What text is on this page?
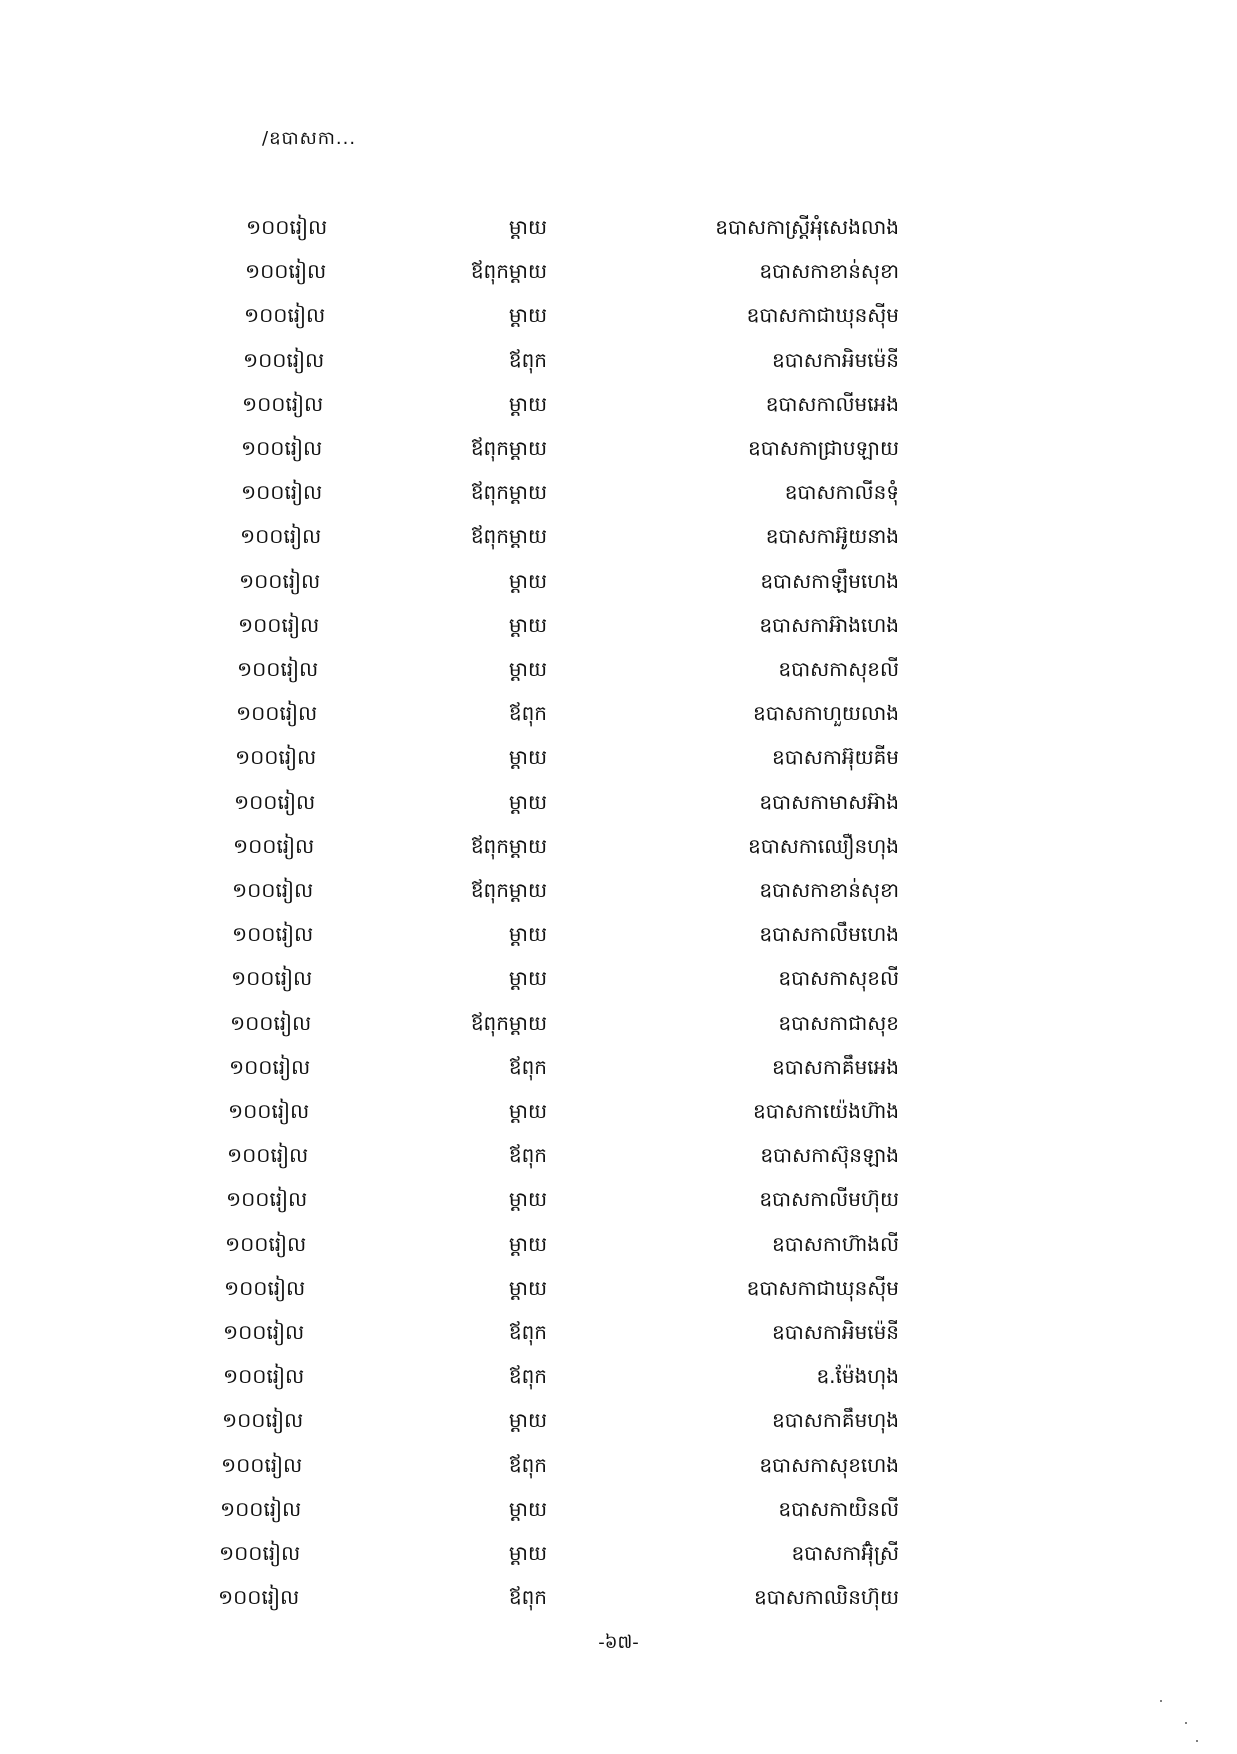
/ឧបាសកា...
ឧបាសកាស្រ្តីអុំសេងលាង
ម្ដាយ
១០០រៀល
ឧបាសកាខាន់សុខា
ឪពុកម្ដាយ
១០០រៀល
ឧបាសកាជាឃុនស៊ីម
ម្ដាយ
១០០រៀល
ឧបាសកាអិមម៉េនី
ឪពុក
១០០រៀល
ឧបាសកាលីមអេង
ម្ដាយ
១០០រៀល
ឧបាសកាជ្រាបឡាយ
ឪពុកម្ដាយ
១០០រៀល
ឧបាសកាលីនទុំ
ឪពុកម្ដាយ
១០០រៀល
ឧបាសកាអ៊ូយនាង
ឪពុកម្ដាយ
១០០រៀល
ឧបាសកាឡឹមហេង
ម្ដាយ
១០០រៀល
ឧបាសកាអ៊ាងហេង
ម្ដាយ
១០០រៀល
ឧបាសកាសុខលី
ម្ដាយ
១០០រៀល
ឧបាសកាហួយលាង
ឪពុក
១០០រៀល
ឧបាសកាអ៊ុយគីម
ម្ដាយ
១០០រៀល
ឧបាសកាមាសអ៊ាង
ម្ដាយ
១០០រៀល
ឧបាសកាឈឿនហុង
ឪពុកម្ដាយ
១០០រៀល
ឧបាសកាខាន់សុខា
ឪពុកម្ដាយ
១០០រៀល
ឧបាសកាលឹមហេង
ម្ដាយ
១០០រៀល
ឧបាសកាសុខលី
ម្ដាយ
១០០រៀល
ឧបាសកាជាសុខ
ឪពុកម្ដាយ
១០០រៀល
ឧបាសកាគឹមអេង
ឪពុក
១០០រៀល
ឧបាសកាយ៉េងហ៊ាង
ម្ដាយ
១០០រៀល
ឧបាសកាស៊ុនឡាង
ឪពុក
១០០រៀល
ឧបាសកាលីមហ៊ុយ
ម្ដាយ
១០០រៀល
ឧបាសកាហ៊ាងលី
ម្ដាយ
១០០រៀល
ឧបាសកាជាឃុនស៊ីម
ម្ដាយ
១០០រៀល
ឧបាសកាអិមម៉េនី
ឪពុក
១០០រៀល
ឧ.ម៉ែងហុង
ឪពុក
១០០រៀល
ឧបាសកាគឹមហុង
ម្ដាយ
១០០រៀល
ឧបាសកាសុខហេង
ឪពុក
១០០រៀល
ឧបាសកាយិនលី
ម្ដាយ
១០០រៀល
ឧបាសកាអ៊ុំស្រី
ម្ដាយ
១០០រៀល
ឧបាសកាឈិនហ៊ុយ
ឪពុក
១០០រៀល
-៦៧-
